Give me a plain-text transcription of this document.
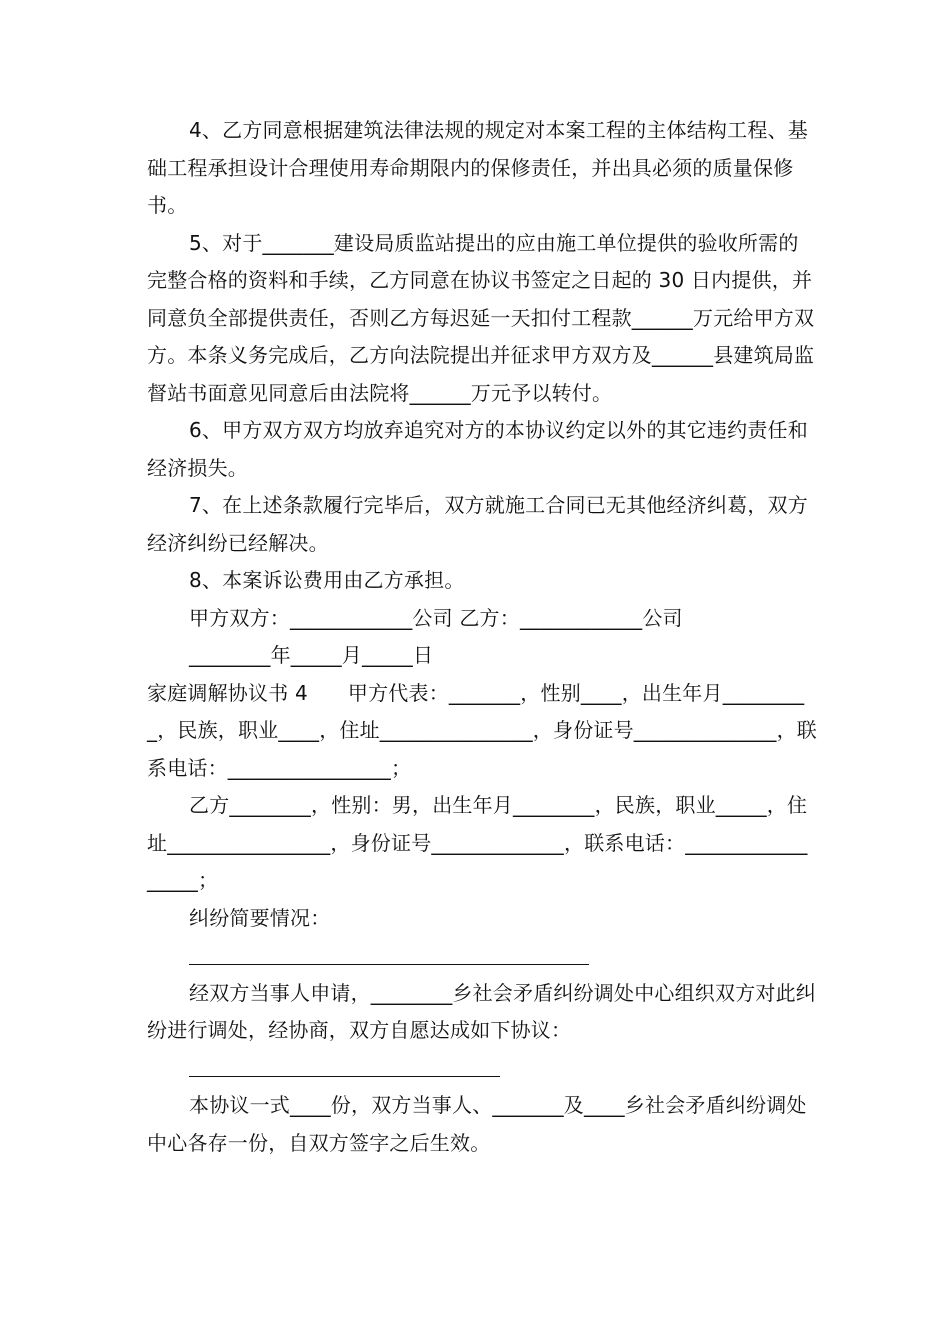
4、乙方同意根据建筑法律法规的规定对本案工程的主体结构工程、基础工程承担设计合理使用寿命期限内的保修责任，并出具必须的质量保修书。

5、对于_______建设局质监站提出的应由施工单位提供的验收所需的完整合格的资料和手续，乙方同意在协议书签定之日起的 30 日内提供，并同意负全部提供责任，否则乙方每迟延一天扣付工程款______万元给甲方双方。本条义务完成后，乙方向法院提出并征求甲方双方及______县建筑局监督站书面意见同意后由法院将______万元予以转付。

6、甲方双方双方均放弃追究对方的本协议约定以外的其它违约责任和经济损失。

7、在上述条款履行完毕后，双方就施工合同已无其他经济纠葛，双方经济纠纷已经解决。

8、本案诉讼费用由乙方承担。

甲方双方：____________公司 乙方：____________公司

________年_____月_____日

家庭调解协议书 4 甲方代表：_______，性别____，出生年月_________，民族，职业____，住址_______________，身份证号______________，联系电话：________________；

乙方________，性别：男，出生年月________，民族，职业_____，住址________________，身份证号_____________，联系电话：_________________；

纠纷简要情况：

经双方当事人申请，________乡社会矛盾纠纷调处中心组织双方对此纠纷进行调处，经协商，双方自愿达成如下协议：

本协议一式____份，双方当事人、_______及____乡社会矛盾纠纷调处中心各存一份，自双方签字之后生效。
